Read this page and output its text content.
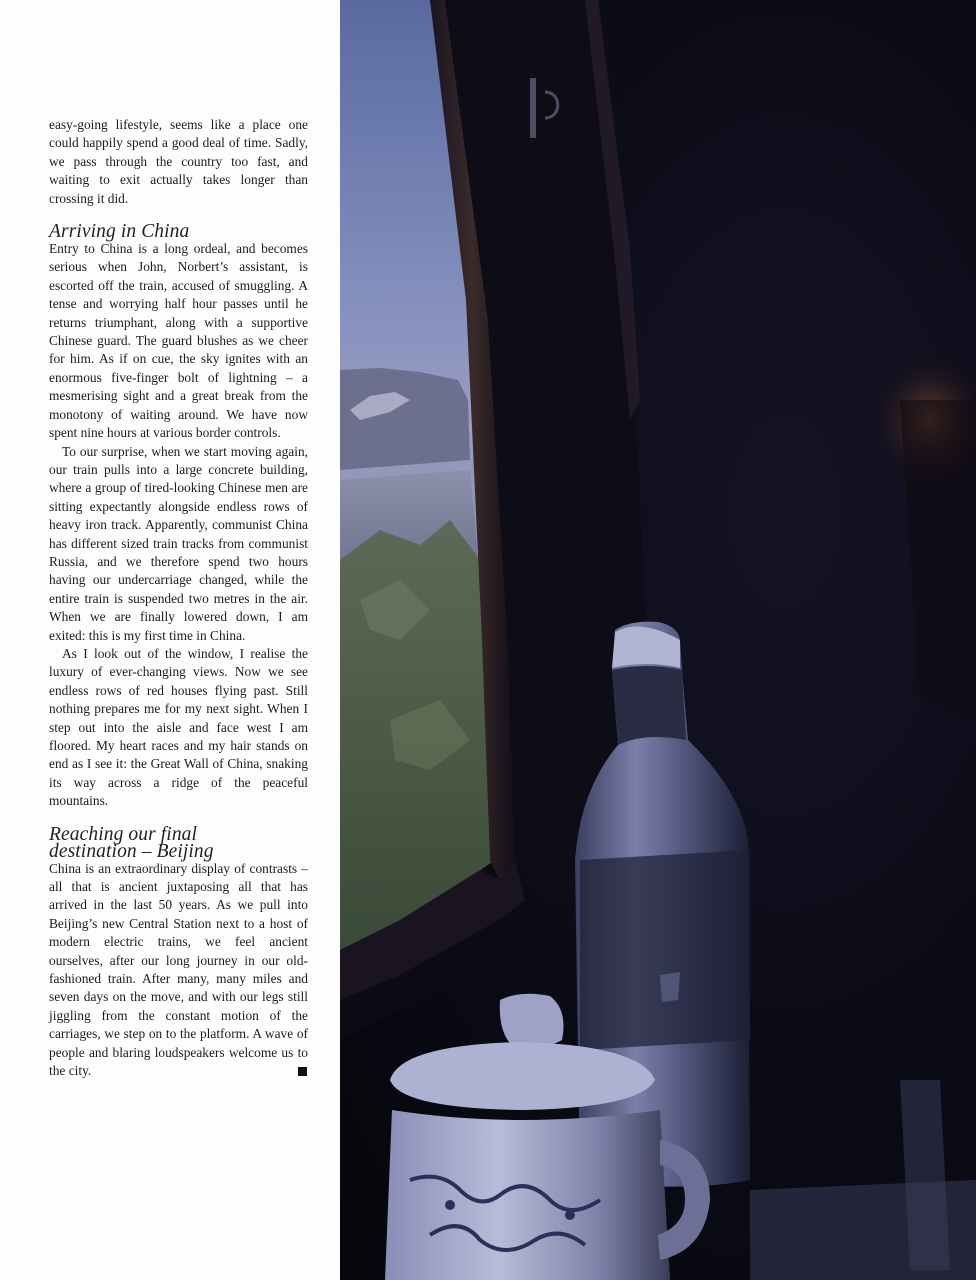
easy-going lifestyle, seems like a place one could happily spend a good deal of time. Sadly, we pass through the country too fast, and waiting to exit actually takes longer than crossing it did.

Arriving in China

Entry to China is a long ordeal, and becomes serious when John, Norbert’s assistant, is escorted off the train, accused of smuggling. A tense and worrying half hour passes until he returns triumphant, along with a supportive Chinese guard. The guard blushes as we cheer for him. As if on cue, the sky ignites with an enormous five-finger bolt of lightning – a mesmerising sight and a great break from the monotony of waiting around. We have now spent nine hours at various border controls.

To our surprise, when we start moving again, our train pulls into a large concrete building, where a group of tired-looking Chinese men are sitting expectantly alongside endless rows of heavy iron track. Apparently, communist China has different sized train tracks from communist Russia, and we therefore spend two hours having our undercarriage changed, while the entire train is suspended two metres in the air. When we are finally lowered down, I am exited: this is my first time in China.

As I look out of the window, I realise the luxury of ever-changing views. Now we see endless rows of red houses flying past. Still nothing prepares me for my next sight. When I step out into the aisle and face west I am floored. My heart races and my hair stands on end as I see it: the Great Wall of China, snaking its way across a ridge of the peaceful mountains.

Reaching our final
destination – Beijing

China is an extraordinary display of contrasts – all that is ancient juxtaposing all that has arrived in the last 50 years. As we pull into Beijing’s new Central Station next to a host of modern electric trains, we feel ancient ourselves, after our long journey in our old-fashioned train. After many, many miles and seven days on the move, and with our legs still jiggling from the constant motion of the carriages, we step on to the platform. A wave of people and blaring loudspeakers welcome us to the city.
